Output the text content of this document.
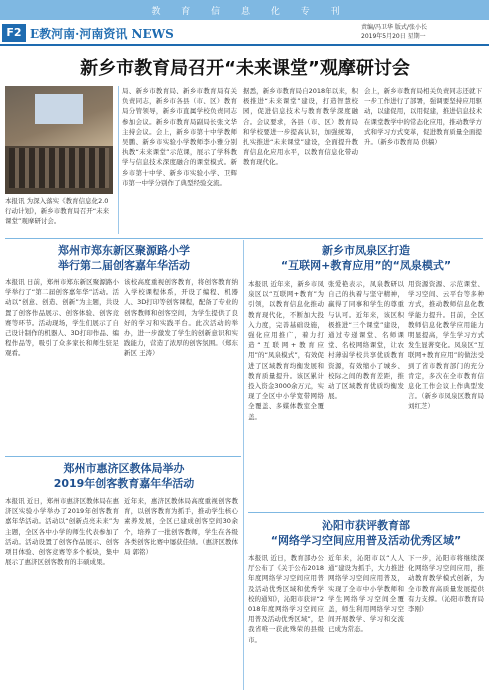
教 育 信 息 化 专 刊
F2 E教河南·河南资讯 NEWS	责编/冯卫华 版式/张小长
2019年5月20日 星期一
新乡市教育局召开“未来课堂”观摩研讨会
本报讯 为深入落实《教育信息化2.0行动计划》，新乡市教育局召开“未来课堂”观摩研讨会。
局、新乡市教育局、新乡市教育局有关负责同志，新乡市各县（市、区）教育局分管领导，新乡市直属学校负责同志参加会议。新乡市教育局副局长张文华主持会议。会上，新乡市第十中学教师吴鹏、新乡市实验小学教师李小雅分别执教“未来课堂”示范课，展示了学科教学与信息技术深度融合的课堂模式。新乡市第十中学、新乡市实验小学、卫辉市第一中学分别作了典型经验交流。
据悉，新乡市教育局自2018年以来，积极推进“未来课堂”建设，打造智慧校园，促进信息技术与教育教学深度融合。会议要求，各县（市、区）教育局和学校要进一步提高认识，加强统筹，扎实推进“未来课堂”建设，全面提升教育信息化应用水平，以教育信息化带动教育现代化。
会上，新乡市教育局相关负责同志还就下一步工作进行了部署，强调要坚持应用驱动，以建促用，以用促建，推进信息技术在课堂教学中的常态化应用，推动教学方式和学习方式变革，促进教育质量全面提升。（新乡市教育局 供稿）
郑州市郑东新区聚源路小学
举行第二届创客嘉年华活动
本报讯 日前，郑州市郑东新区聚源路小学举行了“第二届创客嘉年华”活动。活动以“创意、创造、创新”为主题，共设置了创客作品展示、创客体验、创客竞赛等环节。活动现场，学生们展示了自己设计制作的机器人、3D打印作品、编程作品等，吸引了众多家长和师生驻足观看。
该校高度重视创客教育，将创客教育纳入学校课程体系，开设了编程、机器人、3D打印等创客课程，配备了专业的创客教师和创客空间，为学生提供了良好的学习和实践平台。此次活动的举办，进一步激发了学生的创新意识和实践能力，营造了浓厚的创客氛围。（郑东新区 王涛）
郑州市惠济区教体局举办
2019年创客教育嘉年华活动
本报讯 近日，郑州市惠济区教体局在惠济区实验小学举办了2019年创客教育嘉年华活动。活动以“创新点亮未来”为主题，全区各中小学的师生代表参加了活动。活动设置了创客作品展示、创客项目体验、创客竞赛等多个板块，集中展示了惠济区创客教育的丰硕成果。
近年来，惠济区教体局高度重视创客教育，以创客教育为抓手，推动学生核心素养发展，全区已建成创客空间30余个，培养了一批创客教师，学生在各级各类创客比赛中屡获佳绩。（惠济区教体局 郭铭）
新乡市凤泉区打造
“互联网+教育应用”的“凤泉模式”
本报讯 近年来，新乡市凤泉区以“互联网+教育”为引领，以教育信息化推动教育现代化，不断加大投入力度，完善基础设施，强化应用推广，着力打造“互联网+教育应用”的“凤泉模式”，有效促进了区域教育均衡发展和教育质量提升。该区累计投入资金3000余万元，实现了全区中小学宽带网络全覆盖、多媒体教室全覆盖。
张爱艳表示，凤泉教研以自己的执着与坚守精神，赢得了同事和学生的尊重与认可。近年来，该区积极推进“三个课堂”建设，通过专递课堂、名师课堂、名校网络课堂，让农村薄弱学校共享优质教育资源，有效缩小了城乡、校际之间的教育差距，推动了区域教育优质均衡发展。
用资源资源、示范课堂、学习空间、云平台等多种方式，推动教师信息化教学能力提升。目前，全区教师信息化教学应用能力明显提高，学生学习方式发生显著变化。凤泉区“互联网+教育应用”的做法受到了省市教育部门的充分肯定，多次在全市教育信息化工作会议上作典型发言。（新乡市凤泉区教育局 刘红芝）
沁阳市获评教育部
“网络学习空间应用普及活动优秀区域”
本报讯 近日，教育部办公厅公布了《关于公布2018年度网络学习空间应用普及活动优秀区域和优秀学校的通知》，沁阳市获评“2018年度网络学习空间应用普及活动优秀区域”，是我省唯一获此殊荣的县级市。
近年来，沁阳市以“人人通”建设为抓手，大力推进网络学习空间应用普及，实现了全市中小学教师和学生网络学习空间全覆盖，师生利用网络学习空间开展教学、学习和交流已成为常态。
下一步，沁阳市将继续深化网络学习空间应用，推动教育教学模式创新，为全市教育高质量发展提供有力支撑。（沁阳市教育局 李刚）
